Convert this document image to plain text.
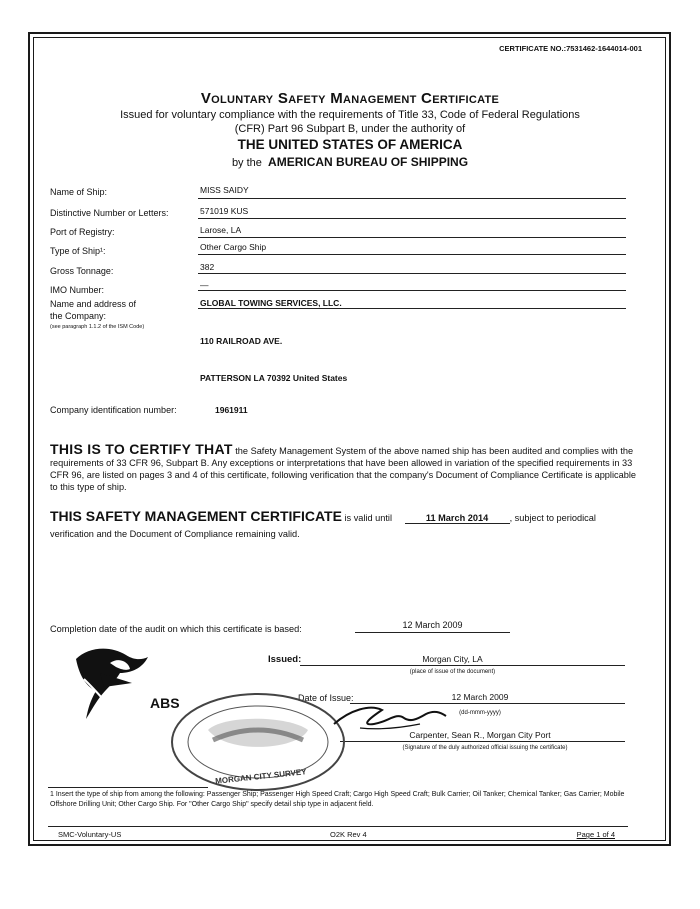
CERTIFICATE NO.:7531462-1644014-001
Voluntary Safety Management Certificate
Issued for voluntary compliance with the requirements of Title 33, Code of Federal Regulations
(CFR) Part 96 Subpart B, under the authority of
THE UNITED STATES OF AMERICA
by the AMERICAN BUREAU OF SHIPPING
Name of Ship:	MISS SAIDY
Distinctive Number or Letters:	571019 KUS
Port of Registry:	Larose, LA
Type of Ship¹:	Other Cargo Ship
Gross Tonnage:	382
IMO Number:	—
Name and address of
the Company:
(see paragraph 1.1.2 of the ISM Code)
GLOBAL TOWING SERVICES, LLC.
110 RAILROAD AVE.
PATTERSON LA 70392 United States
Company identification number:	1961911
THIS IS TO CERTIFY THAT the Safety Management System of the above named ship has been audited and complies with the requirements of 33 CFR 96, Subpart B. Any exceptions or interpretations that have been allowed in variation of the specified requirements in 33 CFR 96, are listed on pages 3 and 4 of this certificate, following verification that the company's Document of Compliance Certificate is applicable to this type of ship.
THIS SAFETY MANAGEMENT CERTIFICATE is valid until	11 March 2014 , subject to periodical
verification and the Document of Compliance remaining valid.
Completion date of the audit on which this certificate is based:	12 March 2009
ABS
Issued:	Morgan City, LA
(place of issue of the document)
Date of Issue:	12 March 2009
(dd-mmm-yyyy)
Carpenter, Sean R., Morgan City Port
(Signature of the duly authorized official issuing the certificate)
MORGAN CITY SURVEY
1 Insert the type of ship from among the following: Passenger Ship; Passenger High Speed Craft; Cargo High Speed Craft; Bulk Carrier; Oil Tanker; Chemical Tanker; Gas Carrier; Mobile Offshore Drilling Unit; Other Cargo Ship. For "Other Cargo Ship" specify detail ship type in adjacent field.
SMC-Voluntary-US	O2K Rev 4	Page 1 of 4
